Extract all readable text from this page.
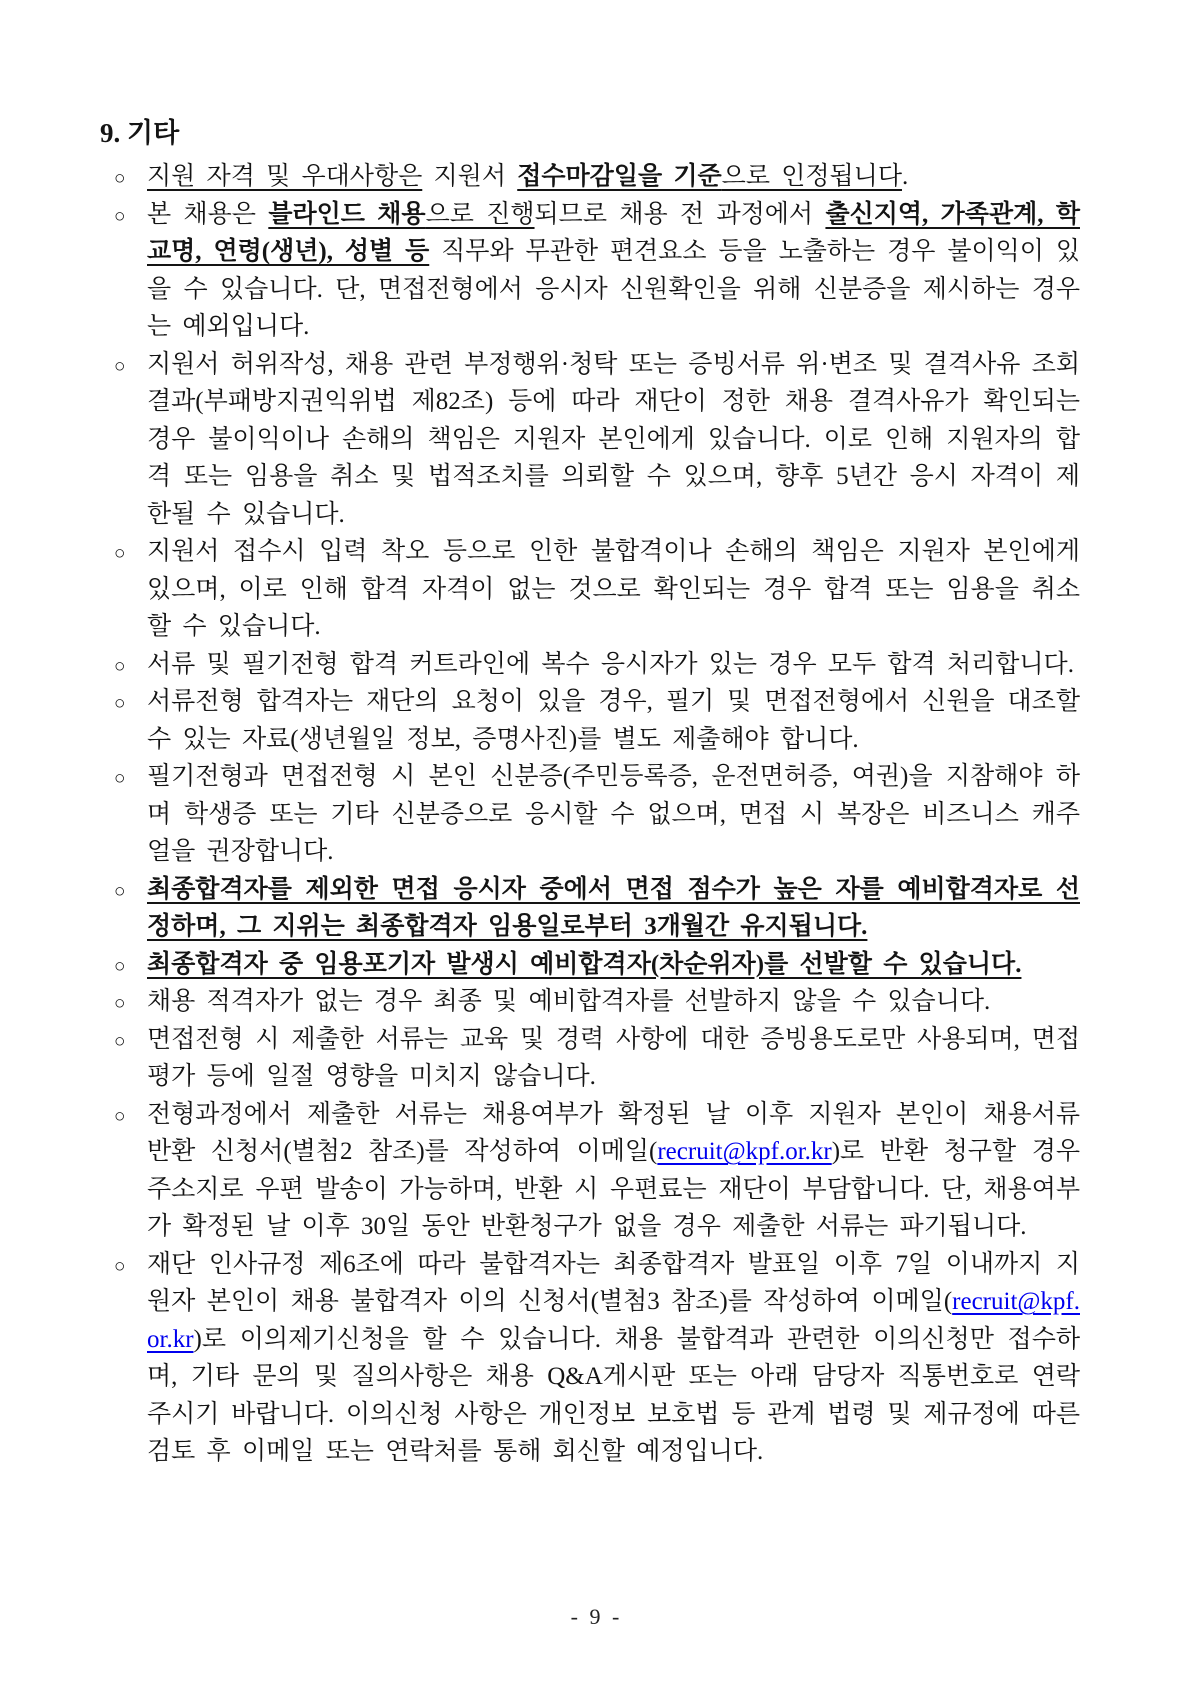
9. 기타
○ 지원 자격 및 우대사항은 지원서 접수마감일을 기준으로 인정됩니다.
○ 본 채용은 블라인드 채용으로 진행되므로 채용 전 과정에서 출신지역, 가족관계, 학교명, 연령(생년), 성별 등 직무와 무관한 편견요소 등을 노출하는 경우 불이익이 있을 수 있습니다. 단, 면접전형에서 응시자 신원확인을 위해 신분증을 제시하는 경우는 예외입니다.
○ 지원서 허위작성, 채용 관련 부정행위·청탁 또는 증빙서류 위·변조 및 결격사유 조회 결과(부패방지권익위법 제82조) 등에 따라 재단이 정한 채용 결격사유가 확인되는 경우 불이익이나 손해의 책임은 지원자 본인에게 있습니다. 이로 인해 지원자의 합격 또는 임용을 취소 및 법적조치를 의뢰할 수 있으며, 향후 5년간 응시 자격이 제한될 수 있습니다.
○ 지원서 접수시 입력 착오 등으로 인한 불합격이나 손해의 책임은 지원자 본인에게 있으며, 이로 인해 합격 자격이 없는 것으로 확인되는 경우 합격 또는 임용을 취소할 수 있습니다.
○ 서류 및 필기전형 합격 커트라인에 복수 응시자가 있는 경우 모두 합격 처리합니다.
○ 서류전형 합격자는 재단의 요청이 있을 경우, 필기 및 면접전형에서 신원을 대조할 수 있는 자료(생년월일 정보, 증명사진)를 별도 제출해야 합니다.
○ 필기전형과 면접전형 시 본인 신분증(주민등록증, 운전면허증, 여권)을 지참해야 하며 학생증 또는 기타 신분증으로 응시할 수 없으며, 면접 시 복장은 비즈니스 캐주얼을 권장합니다.
○ 최종합격자를 제외한 면접 응시자 중에서 면접 점수가 높은 자를 예비합격자로 선정하며, 그 지위는 최종합격자 임용일로부터 3개월간 유지됩니다.
○ 최종합격자 중 임용포기자 발생시 예비합격자(차순위자)를 선발할 수 있습니다.
○ 채용 적격자가 없는 경우 최종 및 예비합격자를 선발하지 않을 수 있습니다.
○ 면접전형 시 제출한 서류는 교육 및 경력 사항에 대한 증빙용도로만 사용되며, 면접 평가 등에 일절 영향을 미치지 않습니다.
○ 전형과정에서 제출한 서류는 채용여부가 확정된 날 이후 지원자 본인이 채용서류 반환 신청서(별첨2 참조)를 작성하여 이메일(recruit@kpf.or.kr)로 반환 청구할 경우 주소지로 우편 발송이 가능하며, 반환 시 우편료는 재단이 부담합니다. 단, 채용여부가 확정된 날 이후 30일 동안 반환청구가 없을 경우 제출한 서류는 파기됩니다.
○ 재단 인사규정 제6조에 따라 불합격자는 최종합격자 발표일 이후 7일 이내까지 지원자 본인이 채용 불합격자 이의 신청서(별첨3 참조)를 작성하여 이메일(recruit@kpf.or.kr)로 이의제기신청을 할 수 있습니다. 채용 불합격과 관련한 이의신청만 접수하며, 기타 문의 및 질의사항은 채용 Q&A게시판 또는 아래 담당자 직통번호로 연락주시기 바랍니다. 이의신청 사항은 개인정보 보호법 등 관계 법령 및 제규정에 따른 검토 후 이메일 또는 연락처를 통해 회신할 예정입니다.
- 9 -
